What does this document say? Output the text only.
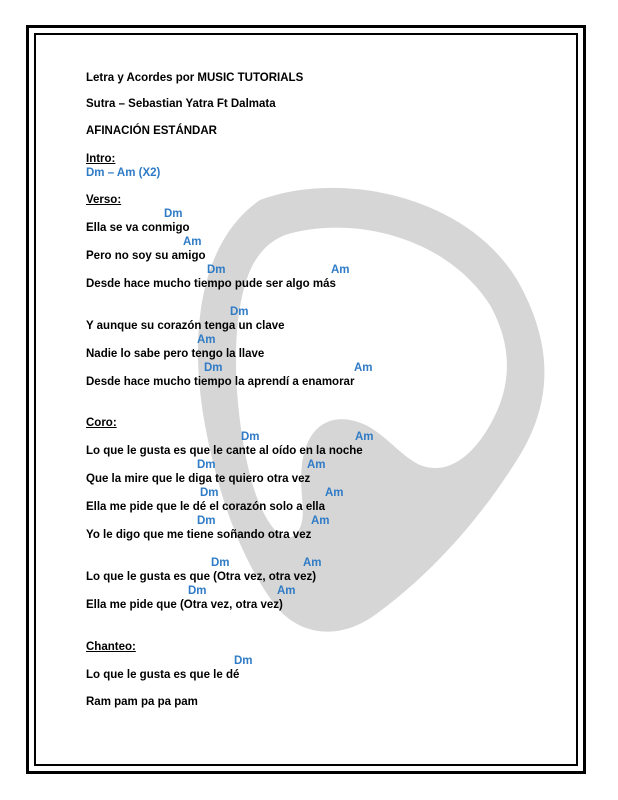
Letra y Acordes por MUSIC TUTORIALS
Sutra – Sebastian Yatra Ft Dalmata
AFINACIÓN ESTÁNDAR
Intro:
Dm – Am (X2)
Verso:
Dm
Ella se va conmigo
Am
Pero no soy su amigo
Dm	Am
Desde hace mucho tiempo pude ser algo más
Dm
Y aunque su corazón tenga un clave
Am
Nadie lo sabe pero tengo la llave
Dm	Am
Desde hace mucho tiempo la aprendí a enamorar
Coro:
Dm	Am
Lo que le gusta es que le cante al oído en la noche
Dm	Am
Que la mire que le diga te quiero otra vez
Dm	Am
Ella me pide que le dé el corazón solo a ella
Dm	Am
Yo le digo que me tiene soñando otra vez
Dm	Am
Lo que le gusta es que (Otra vez, otra vez)
Dm	Am
Ella me pide que (Otra vez, otra vez)
Chanteo:
Dm
Lo que le gusta es que le dé
Ram pam pa pa pam
